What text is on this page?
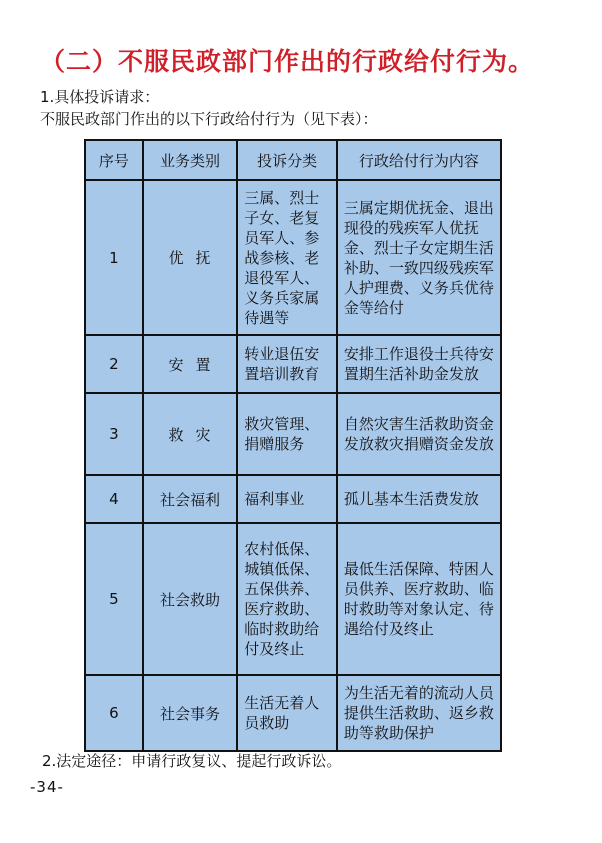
（二）不服民政部门作出的行政给付行为。
1.具体投诉请求：
不服民政部门作出的以下行政给付行为（见下表）：
序号	业务类别	投诉分类	行政给付行为内容
1	优抚	三属、烈士子女、老复员军人、参战参核、老退役军人、义务兵家属待遇等	三属定期优抚金、退出现役的残疾军人优抚金、烈士子女定期生活补助、一致四级残疾军人护理费、义务兵优待金等给付
2	安置	转业退伍安置培训教育	安排工作退役士兵待安置期生活补助金发放
3	救灾	救灾管理、捐赠服务	自然灾害生活救助资金发放救灾捐赠资金发放
4	社会福利	福利事业	孤儿基本生活费发放
5	社会救助	农村低保、城镇低保、五保供养、医疗救助、临时救助给付及终止	最低生活保障、特困人员供养、医疗救助、临时救助等对象认定、待遇给付及终止
6	社会事务	生活无着人员救助	为生活无着的流动人员提供生活救助、返乡救助等救助保护
2.法定途径：申请行政复议、提起行政诉讼。
-34-
